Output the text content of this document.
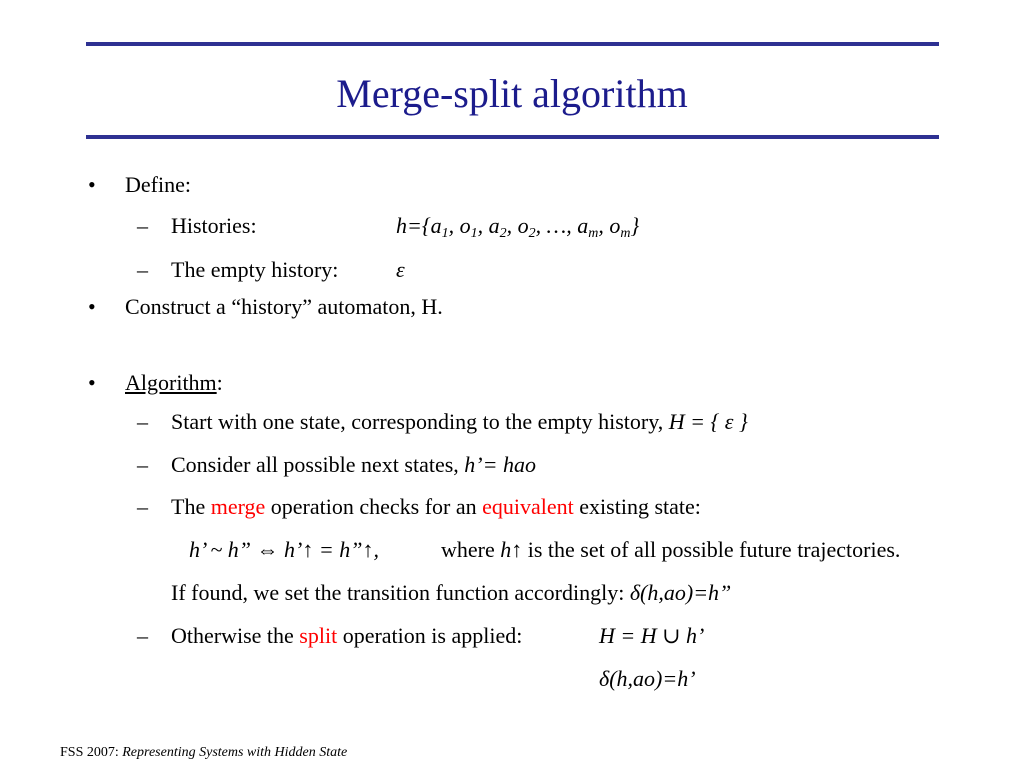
Merge-split algorithm
• Define:
– Histories:	$h=\{a_1$, $o_1$, $a_2$, $o_2$, …, $a_m$, $o_m$}
– The empty history:	ε
• Construct a “history” automaton, H.
• Algorithm:
– Start with one state, corresponding to the empty history, H = { ε }
– Consider all possible next states, h’= hao
– The merge operation checks for an equivalent existing state:
h’ ~ h” ⇔ h’↑ = h”↑,	where h↑ is the set of all possible future trajectories.
If found, we set the transition function accordingly: δ(h,ao)=h”
– Otherwise the split operation is applied:	H = H ∪ h’
δ(h,ao)=h’
FSS 2007: Representing Systems with Hidden State
